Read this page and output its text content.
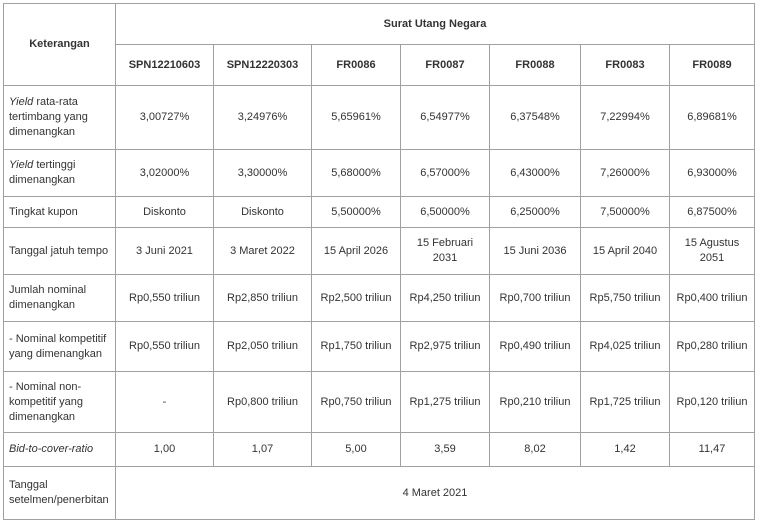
Keterangan	Surat Utang Negara						
	SPN12210603	SPN12220303	FR0086	FR0087	FR0088	FR0083	FR0089
Yield rata-rata tertimbang yang dimenangkan	3,00727%	3,24976%	5,65961%	6,54977%	6,37548%	7,22994%	6,89681%
Yield tertinggi dimenangkan	3,02000%	3,30000%	5,68000%	6,57000%	6,43000%	7,26000%	6,93000%
Tingkat kupon	Diskonto	Diskonto	5,50000%	6,50000%	6,25000%	7,50000%	6,87500%
Tanggal jatuh tempo	3 Juni 2021	3 Maret 2022	15 April 2026	15 Februari 2031	15 Juni 2036	15 April 2040	15 Agustus 2051
Jumlah nominal dimenangkan	Rp0,550 triliun	Rp2,850 triliun	Rp2,500 triliun	Rp4,250 triliun	Rp0,700 triliun	Rp5,750 triliun	Rp0,400 triliun
- Nominal kompetitif yang dimenangkan	Rp0,550 triliun	Rp2,050 triliun	Rp1,750 triliun	Rp2,975 triliun	Rp0,490 triliun	Rp4,025 triliun	Rp0,280 triliun
- Nominal non-kompetitif yang dimenangkan	-	Rp0,800 triliun	Rp0,750 triliun	Rp1,275 triliun	Rp0,210 triliun	Rp1,725 triliun	Rp0,120 triliun
Bid-to-cover-ratio	1,00	1,07	5,00	3,59	8,02	1,42	11,47
Tanggal setelmen/penerbitan	4 Maret 2021						
